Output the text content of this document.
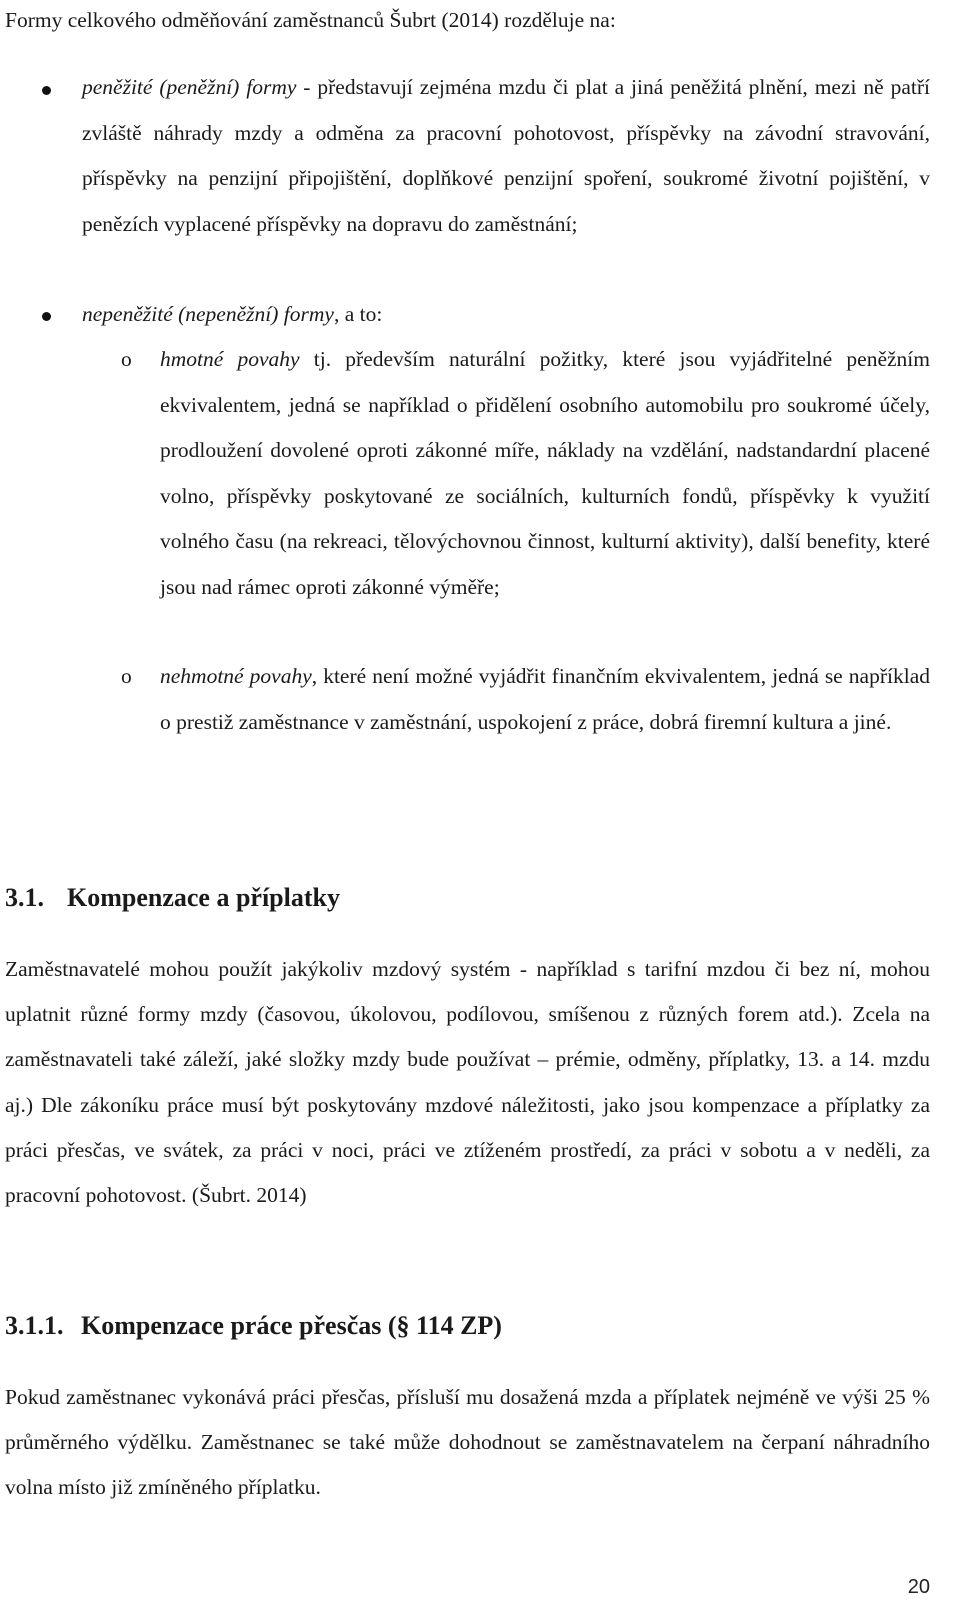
Formy celkového odměňování zaměstnanců Šubrt (2014) rozděluje na:
peněžité (peněžní) formy - představují zejména mzdu či plat a jiná peněžitá plnění, mezi ně patří zvláště náhrady mzdy a odměna za pracovní pohotovost, příspěvky na závodní stravování, příspěvky na penzijní připojištění, doplňkové penzijní spoření, soukromé životní pojištění, v penězích vyplacené příspěvky na dopravu do zaměstnání;
nepeněžité (nepeněžní) formy, a to:
o hmotné povahy tj. především naturální požitky, které jsou vyjádřitelné peněžním ekvivalentem, jedná se například o přidělení osobního automobilu pro soukromé účely, prodloužení dovolené oproti zákonné míře, náklady na vzdělání, nadstandardní placené volno, příspěvky poskytované ze sociálních, kulturních fondů, příspěvky k využití volného času (na rekreaci, tělovýchovnou činnost, kulturní aktivity), další benefity, které jsou nad rámec oproti zákonné výměře;
o nehmotné povahy, které není možné vyjádřit finančním ekvivalentem, jedná se například o prestiž zaměstnance v zaměstnání, uspokojení z práce, dobrá firemní kultura a jiné.
3.1. Kompenzace a příplatky
Zaměstnavatelé mohou použít jakýkoliv mzdový systém - například s tarifní mzdou či bez ní, mohou uplatnit různé formy mzdy (časovou, úkolovou, podílovou, smíšenou z různých forem atd.). Zcela na zaměstnavateli také záleží, jaké složky mzdy bude používat – prémie, odměny, příplatky, 13. a 14. mzdu aj.) Dle zákoníku práce musí být poskytovány mzdové náležitosti, jako jsou kompenzace a příplatky za práci přesčas, ve svátek, za práci v noci, práci ve ztíženém prostředí, za práci v sobotu a v neděli, za pracovní pohotovost. (Šubrt. 2014)
3.1.1. Kompenzace práce přesčas (§ 114 ZP)
Pokud zaměstnanec vykonává práci přesčas, přísluší mu dosažená mzda a příplatek nejméně ve výši 25 % průměrného výdělku. Zaměstnanec se také může dohodnout se zaměstnavatelem na čerpaní náhradního volna místo již zmíněného příplatku.
20
